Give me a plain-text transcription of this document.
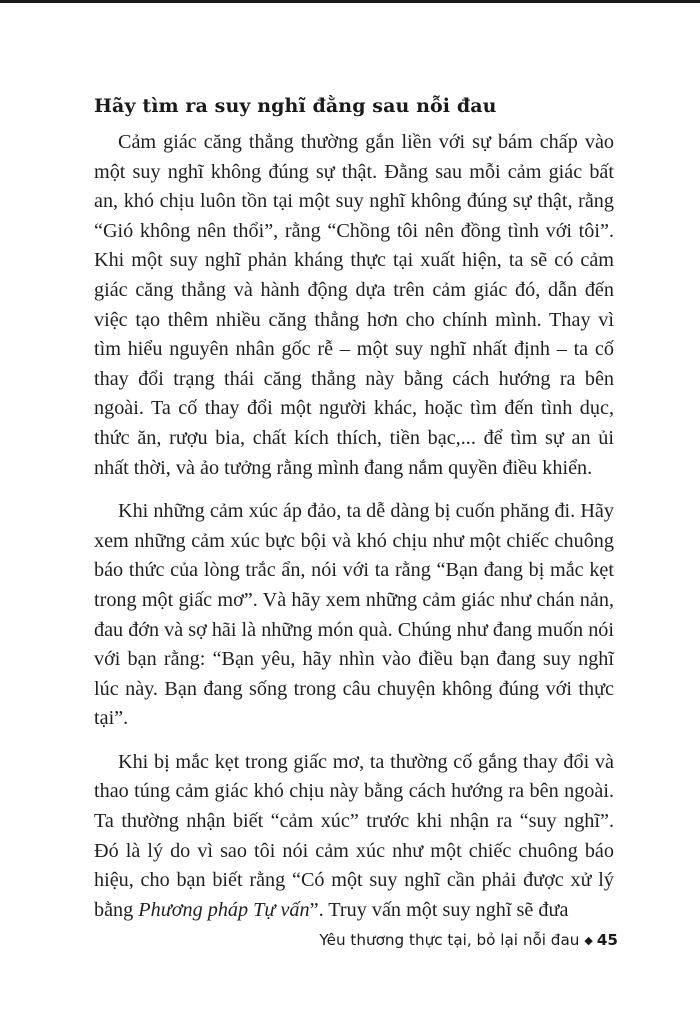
Hãy tìm ra suy nghĩ đằng sau nỗi đau

Cảm giác căng thẳng thường gắn liền với sự bám chấp vào một suy nghĩ không đúng sự thật. Đằng sau mỗi cảm giác bất an, khó chịu luôn tồn tại một suy nghĩ không đúng sự thật, rằng “Gió không nên thổi”, rằng “Chồng tôi nên đồng tình với tôi”. Khi một suy nghĩ phản kháng thực tại xuất hiện, ta sẽ có cảm giác căng thẳng và hành động dựa trên cảm giác đó, dẫn đến việc tạo thêm nhiều căng thẳng hơn cho chính mình. Thay vì tìm hiểu nguyên nhân gốc rễ – một suy nghĩ nhất định – ta cố thay đổi trạng thái căng thẳng này bằng cách hướng ra bên ngoài. Ta cố thay đổi một người khác, hoặc tìm đến tình dục, thức ăn, rượu bia, chất kích thích, tiền bạc,... để tìm sự an ủi nhất thời, và ảo tưởng rằng mình đang nắm quyền điều khiển.

Khi những cảm xúc áp đảo, ta dễ dàng bị cuốn phăng đi. Hãy xem những cảm xúc bực bội và khó chịu như một chiếc chuông báo thức của lòng trắc ẩn, nói với ta rằng “Bạn đang bị mắc kẹt trong một giấc mơ”. Và hãy xem những cảm giác như chán nản, đau đớn và sợ hãi là những món quà. Chúng như đang muốn nói với bạn rằng: “Bạn yêu, hãy nhìn vào điều bạn đang suy nghĩ lúc này. Bạn đang sống trong câu chuyện không đúng với thực tại”.

Khi bị mắc kẹt trong giấc mơ, ta thường cố gắng thay đổi và thao túng cảm giác khó chịu này bằng cách hướng ra bên ngoài. Ta thường nhận biết “cảm xúc” trước khi nhận ra “suy nghĩ”. Đó là lý do vì sao tôi nói cảm xúc như một chiếc chuông báo hiệu, cho bạn biết rằng “Có một suy nghĩ cần phải được xử lý bằng Phương pháp Tự vấn”. Truy vấn một suy nghĩ sẽ đưa

Yêu thương thực tại, bỏ lại nỗi đau ◆ 45
